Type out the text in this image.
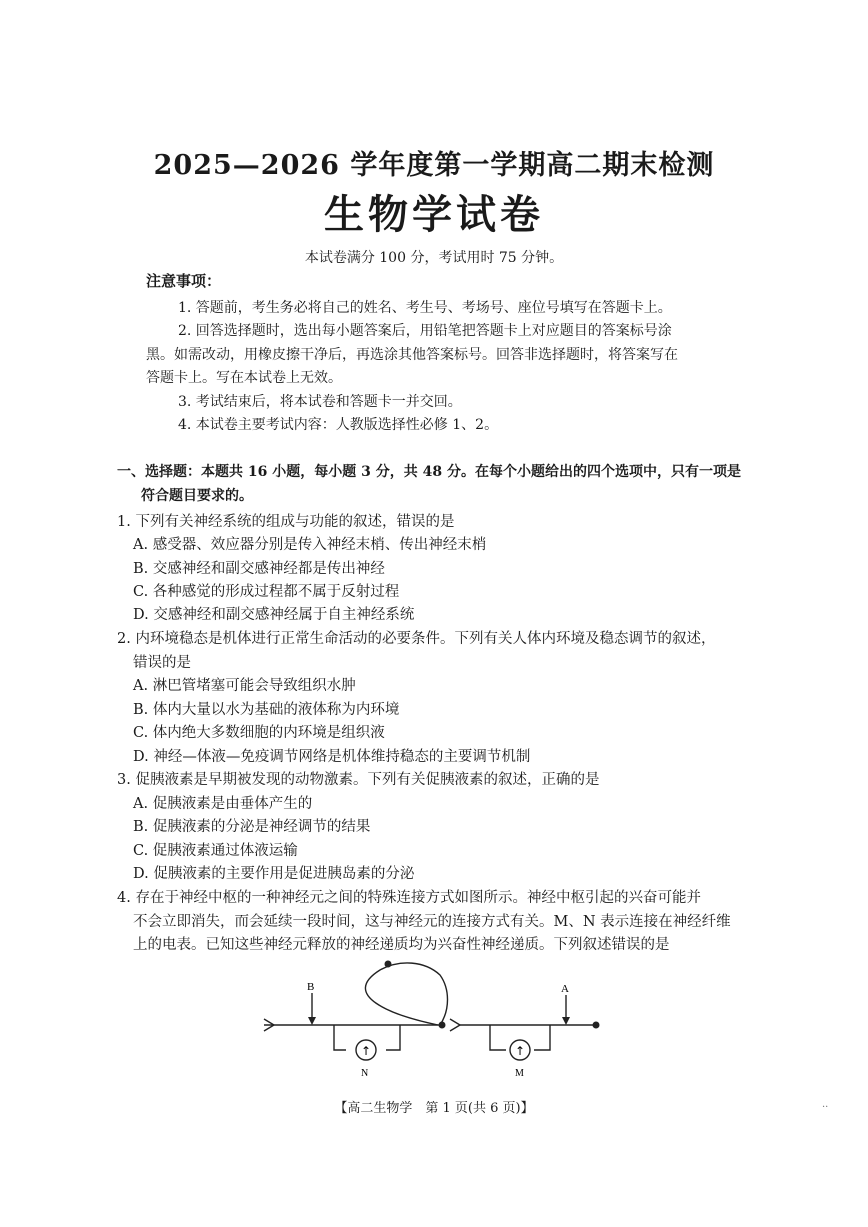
2025—2026 学年度第一学期高二期末检测
生物学试卷
本试卷满分 100 分，考试用时 75 分钟。
注意事项：
1. 答题前，考生务必将自己的姓名、考生号、考场号、座位号填写在答题卡上。
2. 回答选择题时，选出每小题答案后，用铅笔把答题卡上对应题目的答案标号涂
黑。如需改动，用橡皮擦干净后，再选涂其他答案标号。回答非选择题时，将答案写在
答题卡上。写在本试卷上无效。
3. 考试结束后，将本试卷和答题卡一并交回。
4. 本试卷主要考试内容：人教版选择性必修 1、2。
一、选择题：本题共 16 小题，每小题 3 分，共 48 分。在每个小题给出的四个选项中，只有一项是
符合题目要求的。
1. 下列有关神经系统的组成与功能的叙述，错误的是
A. 感受器、效应器分别是传入神经末梢、传出神经末梢
B. 交感神经和副交感神经都是传出神经
C. 各种感觉的形成过程都不属于反射过程
D. 交感神经和副交感神经属于自主神经系统
2. 内环境稳态是机体进行正常生命活动的必要条件。下列有关人体内环境及稳态调节的叙述，
错误的是
A. 淋巴管堵塞可能会导致组织水肿
B. 体内大量以水为基础的液体称为内环境
C. 体内绝大多数细胞的内环境是组织液
D. 神经—体液—免疫调节网络是机体维持稳态的主要调节机制
3. 促胰液素是早期被发现的动物激素。下列有关促胰液素的叙述，正确的是
A. 促胰液素是由垂体产生的
B. 促胰液素的分泌是神经调节的结果
C. 促胰液素通过体液运输
D. 促胰液素的主要作用是促进胰岛素的分泌
4. 存在于神经中枢的一种神经元之间的特殊连接方式如图所示。神经中枢引起的兴奋可能并
不会立即消失，而会延续一段时间，这与神经元的连接方式有关。M、N 表示连接在神经纤维
上的电表。已知这些神经元释放的神经递质均为兴奋性神经递质。下列叙述错误的是
B	A
↑	↑
N	M
【高二生物学　第 1 页(共 6 页)】	··
